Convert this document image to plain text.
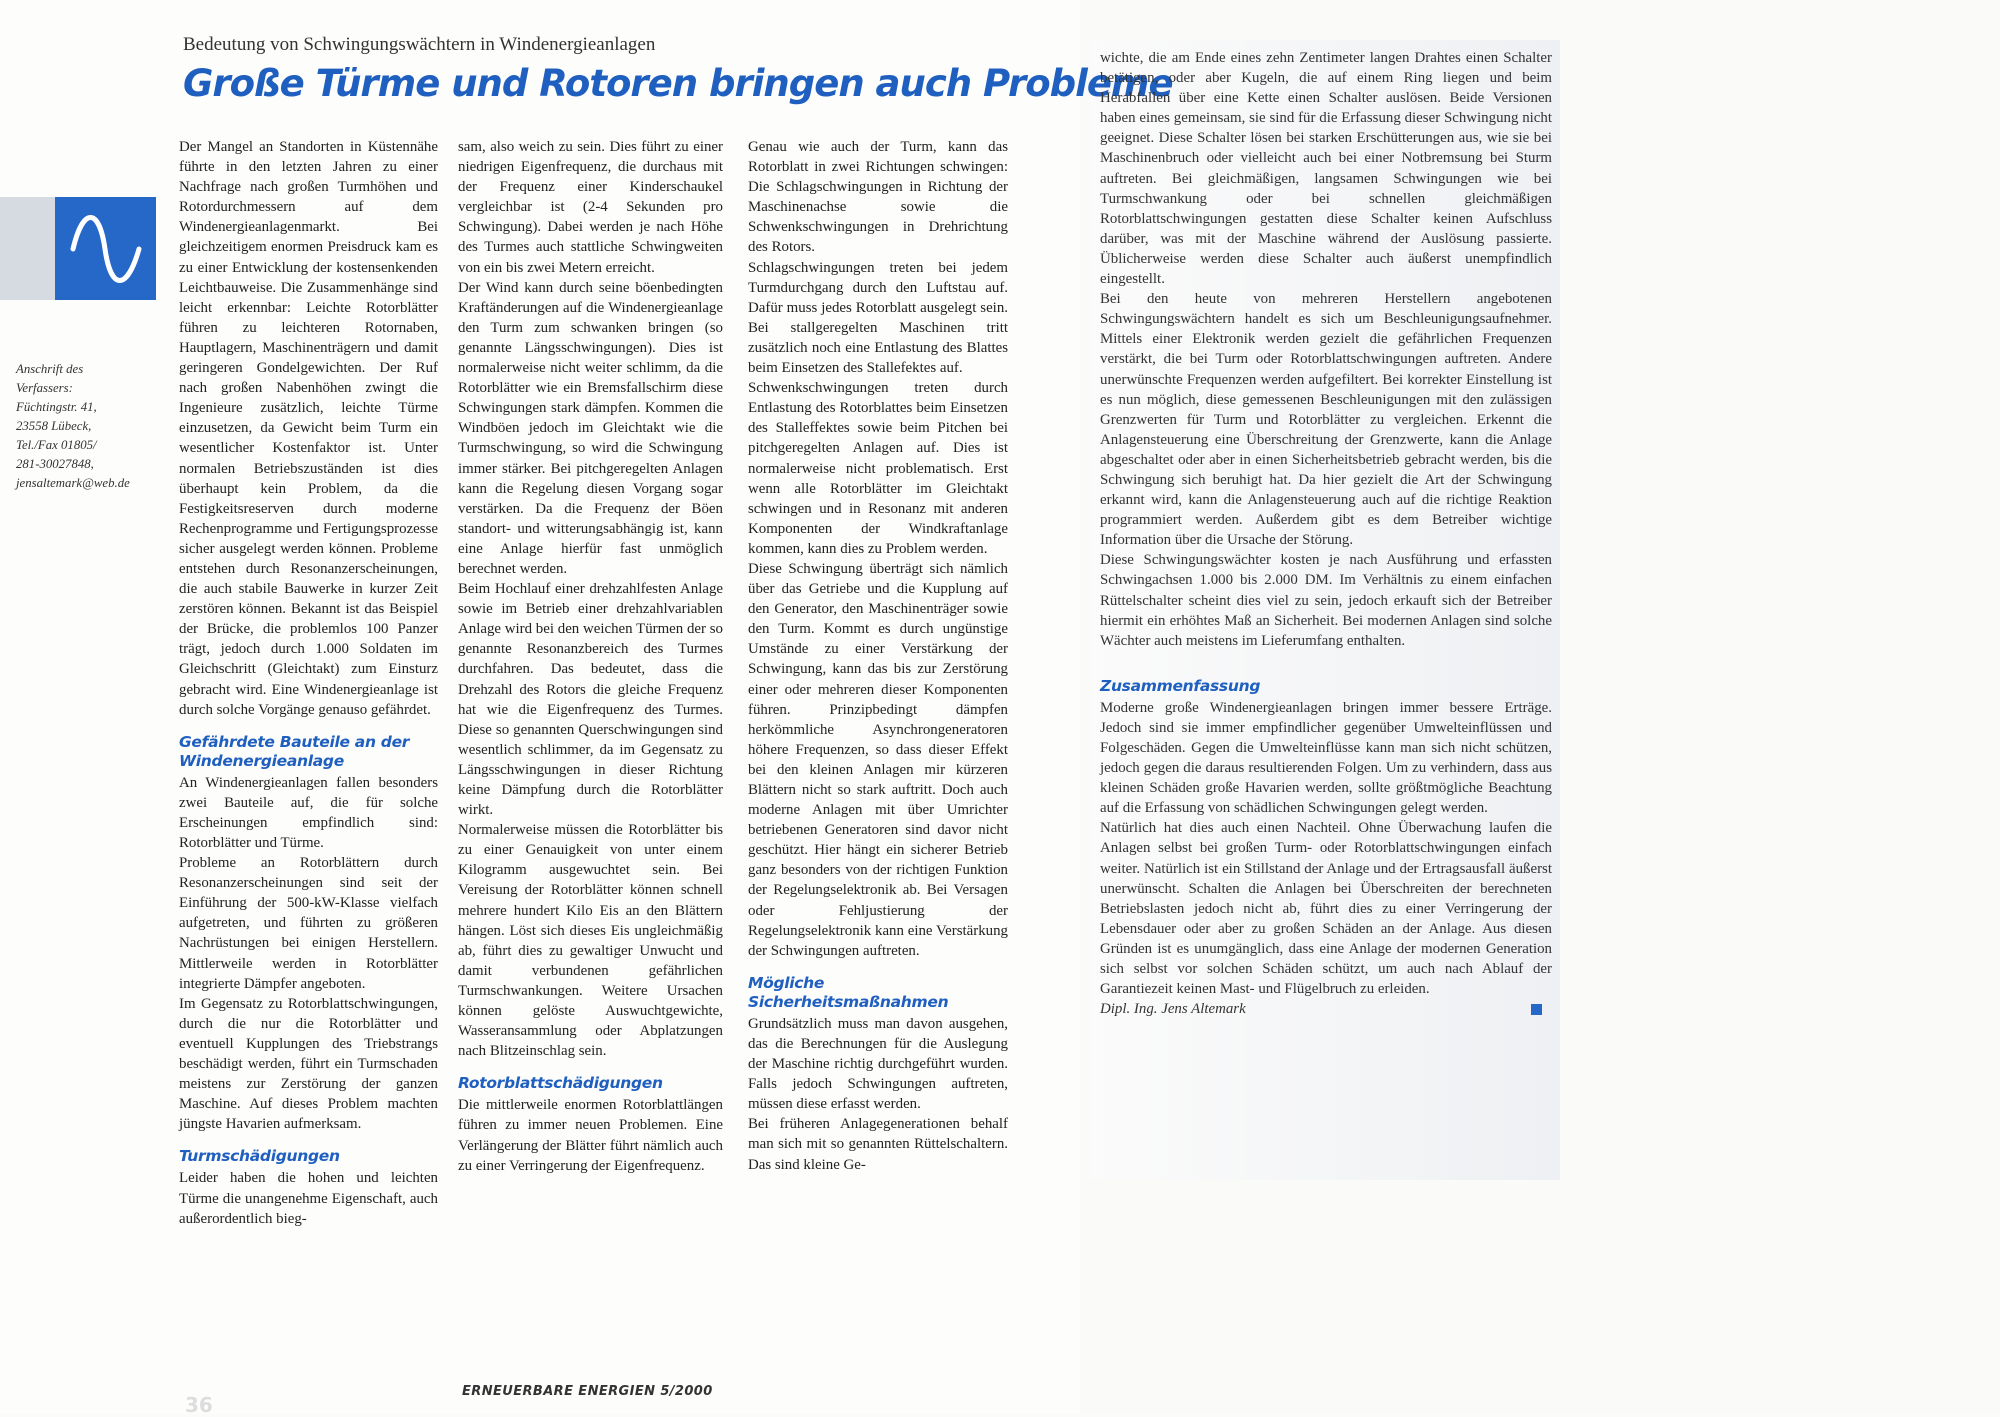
Bedeutung von Schwingungswächtern in Windenergieanlagen
Große Türme und Rotoren bringen auch Probleme
Anschrift des
Verfassers:
Füchtingstr. 41,
23558 Lübeck,
Tel./Fax 01805/
281-30027848,
jensaltemark@web.de

Der Mangel an Standorten in Küstennähe führte in den letzten Jahren zu einer Nachfrage nach großen Turmhöhen und Rotordurchmessern auf dem Windenergieanlagenmarkt. Bei gleichzeitigem enormen Preisdruck kam es zu einer Entwicklung der kostensenkenden Leichtbauweise. Die Zusammenhänge sind leicht erkennbar: Leichte Rotorblätter führen zu leichteren Rotornaben, Hauptlagern, Maschinenträgern und damit geringeren Gondelgewichten. Der Ruf nach großen Nabenhöhen zwingt die Ingenieure zusätzlich, leichte Türme einzusetzen, da Gewicht beim Turm ein wesentlicher Kostenfaktor ist. Unter normalen Betriebszuständen ist dies überhaupt kein Problem, da die Festigkeitsreserven durch moderne Rechenprogramme und Fertigungsprozesse sicher ausgelegt werden können. Probleme entstehen durch Resonanzerscheinungen, die auch stabile Bauwerke in kurzer Zeit zerstören können. Bekannt ist das Beispiel der Brücke, die problemlos 100 Panzer trägt, jedoch durch 1.000 Soldaten im Gleichschritt (Gleichtakt) zum Einsturz gebracht wird. Eine Windenergieanlage ist durch solche Vorgänge genauso gefährdet.

Gefährdete Bauteile an der Windenergieanlage

An Windenergieanlagen fallen besonders zwei Bauteile auf, die für solche Erscheinungen empfindlich sind: Rotorblätter und Türme.

Probleme an Rotorblättern durch Resonanzerscheinungen sind seit der Einführung der 500-kW-Klasse vielfach aufgetreten, und führten zu größeren Nachrüstungen bei einigen Herstellern. Mittlerweile werden in Rotorblätter integrierte Dämpfer angeboten.

Im Gegensatz zu Rotorblattschwingungen, durch die nur die Rotorblätter und eventuell Kupplungen des Triebstrangs beschädigt werden, führt ein Turmschaden meistens zur Zerstörung der ganzen Maschine. Auf dieses Problem machten jüngste Havarien aufmerksam.

Turmschädigungen

Leider haben die hohen und leichten Türme die unangenehme Eigenschaft, auch außerordentlich bieg-

sam, also weich zu sein. Dies führt zu einer niedrigen Eigenfrequenz, die durchaus mit der Frequenz einer Kinderschaukel vergleichbar ist (2-4 Sekunden pro Schwingung). Dabei werden je nach Höhe des Turmes auch stattliche Schwingweiten von ein bis zwei Metern erreicht.

Der Wind kann durch seine böenbedingten Kraftänderungen auf die Windenergieanlage den Turm zum schwanken bringen (so genannte Längsschwingungen). Dies ist normalerweise nicht weiter schlimm, da die Rotorblätter wie ein Bremsfallschirm diese Schwingungen stark dämpfen. Kommen die Windböen jedoch im Gleichtakt wie die Turmschwingung, so wird die Schwingung immer stärker. Bei pitchgeregelten Anlagen kann die Regelung diesen Vorgang sogar verstärken. Da die Frequenz der Böen standort- und witterungsabhängig ist, kann eine Anlage hierfür fast unmöglich berechnet werden.

Beim Hochlauf einer drehzahlfesten Anlage sowie im Betrieb einer drehzahlvariablen Anlage wird bei den weichen Türmen der so genannte Resonanzbereich des Turmes durchfahren. Das bedeutet, dass die Drehzahl des Rotors die gleiche Frequenz hat wie die Eigenfrequenz des Turmes. Diese so genannten Querschwingungen sind wesentlich schlimmer, da im Gegensatz zu Längsschwingungen in dieser Richtung keine Dämpfung durch die Rotorblätter wirkt.

Normalerweise müssen die Rotorblätter bis zu einer Genauigkeit von unter einem Kilogramm ausgewuchtet sein. Bei Vereisung der Rotorblätter können schnell mehrere hundert Kilo Eis an den Blättern hängen. Löst sich dieses Eis ungleichmäßig ab, führt dies zu gewaltiger Unwucht und damit verbundenen gefährlichen Turmschwankungen. Weitere Ursachen können gelöste Auswuchtgewichte, Wasseransammlung oder Abplatzungen nach Blitzeinschlag sein.

Rotorblattschädigungen

Die mittlerweile enormen Rotorblattlängen führen zu immer neuen Problemen. Eine Verlängerung der Blätter führt nämlich auch zu einer Verringerung der Eigenfrequenz.

Genau wie auch der Turm, kann das Rotorblatt in zwei Richtungen schwingen: Die Schlagschwingungen in Richtung der Maschinenachse sowie die Schwenkschwingungen in Drehrichtung des Rotors.

Schlagschwingungen treten bei jedem Turmdurchgang durch den Luftstau auf. Dafür muss jedes Rotorblatt ausgelegt sein. Bei stallgeregelten Maschinen tritt zusätzlich noch eine Entlastung des Blattes beim Einsetzen des Stallefektes auf.

Schwenkschwingungen treten durch Entlastung des Rotorblattes beim Einsetzen des Stalleffektes sowie beim Pitchen bei pitchgeregelten Anlagen auf. Dies ist normalerweise nicht problematisch. Erst wenn alle Rotorblätter im Gleichtakt schwingen und in Resonanz mit anderen Komponenten der Windkraftanlage kommen, kann dies zu Problem werden.

Diese Schwingung überträgt sich nämlich über das Getriebe und die Kupplung auf den Generator, den Maschinenträger sowie den Turm. Kommt es durch ungünstige Umstände zu einer Verstärkung der Schwingung, kann das bis zur Zerstörung einer oder mehreren dieser Komponenten führen. Prinzipbedingt dämpfen herkömmliche Asynchrongeneratoren höhere Frequenzen, so dass dieser Effekt bei den kleinen Anlagen mir kürzeren Blättern nicht so stark auftritt. Doch auch moderne Anlagen mit über Umrichter betriebenen Generatoren sind davor nicht geschützt. Hier hängt ein sicherer Betrieb ganz besonders von der richtigen Funktion der Regelungselektronik ab. Bei Versagen oder Fehljustierung der Regelungselektronik kann eine Verstärkung der Schwingungen auftreten.

Mögliche Sicherheitsmaßnahmen

Grundsätzlich muss man davon ausgehen, das die Berechnungen für die Auslegung der Maschine richtig durchgeführt wurden. Falls jedoch Schwingungen auftreten, müssen diese erfasst werden.

Bei früheren Anlagegenerationen behalf man sich mit so genannten Rüttelschaltern. Das sind kleine Ge-

wichte, die am Ende eines zehn Zentimeter langen Drahtes einen Schalter betätigen, oder aber Kugeln, die auf einem Ring liegen und beim Herabfallen über eine Kette einen Schalter auslösen. Beide Versionen haben eines gemeinsam, sie sind für die Erfassung dieser Schwingung nicht geeignet. Diese Schalter lösen bei starken Erschütterungen aus, wie sie bei Maschinenbruch oder vielleicht auch bei einer Notbremsung bei Sturm auftreten. Bei gleichmäßigen, langsamen Schwingungen wie bei Turmschwankung oder bei schnellen gleichmäßigen Rotorblattschwingungen gestatten diese Schalter keinen Aufschluss darüber, was mit der Maschine während der Auslösung passierte. Üblicherweise werden diese Schalter auch äußerst unempfindlich eingestellt.

Bei den heute von mehreren Herstellern angebotenen Schwingungswächtern handelt es sich um Beschleunigungsaufnehmer. Mittels einer Elektronik werden gezielt die gefährlichen Frequenzen verstärkt, die bei Turm oder Rotorblattschwingungen auftreten. Andere unerwünschte Frequenzen werden aufgefiltert. Bei korrekter Einstellung ist es nun möglich, diese gemessenen Beschleunigungen mit den zulässigen Grenzwerten für Turm und Rotorblätter zu vergleichen. Erkennt die Anlagensteuerung eine Überschreitung der Grenzwerte, kann die Anlage abgeschaltet oder aber in einen Sicherheitsbetrieb gebracht werden, bis die Schwingung sich beruhigt hat. Da hier gezielt die Art der Schwingung erkannt wird, kann die Anlagensteuerung auch auf die richtige Reaktion programmiert werden. Außerdem gibt es dem Betreiber wichtige Information über die Ursache der Störung.

Diese Schwingungswächter kosten je nach Ausführung und erfassten Schwingachsen 1.000 bis 2.000 DM. Im Verhältnis zu einem einfachen Rüttelschalter scheint dies viel zu sein, jedoch erkauft sich der Betreiber hiermit ein erhöhtes Maß an Sicherheit. Bei modernen Anlagen sind solche Wächter auch meistens im Lieferumfang enthalten.

Zusammenfassung

Moderne große Windenergieanlagen bringen immer bessere Erträge. Jedoch sind sie immer empfindlicher gegenüber Umwelteinflüssen und Folgeschäden. Gegen die Umwelteinflüsse kann man sich nicht schützen, jedoch gegen die daraus resultierenden Folgen. Um zu verhindern, dass aus kleinen Schäden große Havarien werden, sollte größtmögliche Beachtung auf die Erfassung von schädlichen Schwingungen gelegt werden.

Natürlich hat dies auch einen Nachteil. Ohne Überwachung laufen die Anlagen selbst bei großen Turm- oder Rotorblattschwingungen einfach weiter. Natürlich ist ein Stillstand der Anlage und der Ertragsausfall äußerst unerwünscht. Schalten die Anlagen bei Überschreiten der berechneten Betriebslasten jedoch nicht ab, führt dies zu einer Verringerung der Lebensdauer oder aber zu großen Schäden an der Anlage. Aus diesen Gründen ist es unumgänglich, dass eine Anlage der modernen Generation sich selbst vor solchen Schäden schützt, um auch nach Ablauf der Garantiezeit keinen Mast- und Flügelbruch zu erleiden.

Dipl. Ing. Jens Altemark
36
ERNEUERBARE ENERGIEN 5/2000
